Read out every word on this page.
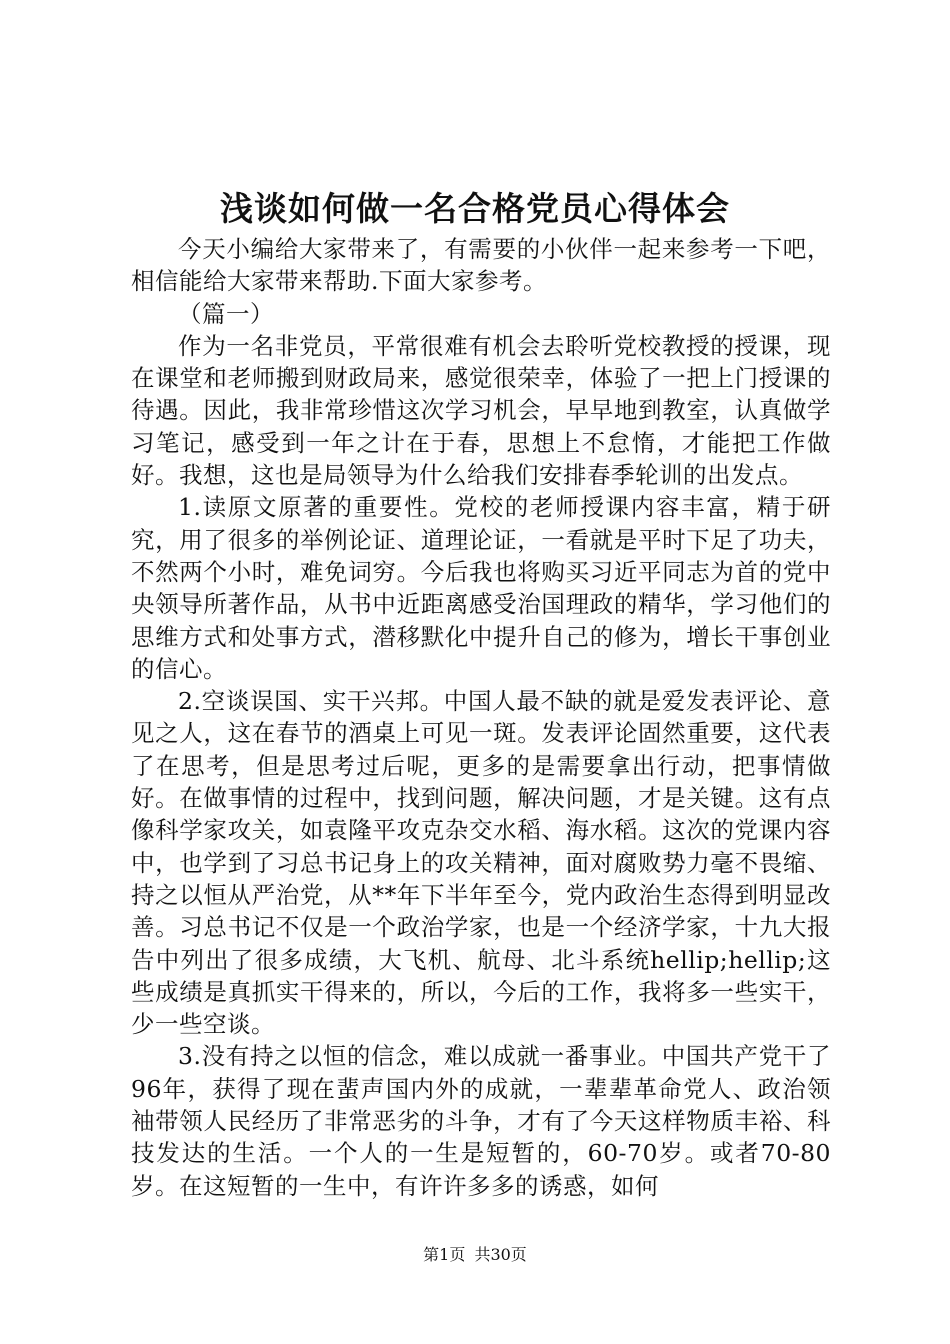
浅谈如何做一名合格党员心得体会

今天小编给大家带来了，有需要的小伙伴一起来参考一下吧，相信能给大家带来帮助.下面大家参考。

（篇一）

作为一名非党员，平常很难有机会去聆听党校教授的授课，现在课堂和老师搬到财政局来，感觉很荣幸，体验了一把上门授课的待遇。因此，我非常珍惜这次学习机会，早早地到教室，认真做学习笔记，感受到一年之计在于春，思想上不怠惰，才能把工作做好。我想，这也是局领导为什么给我们安排春季轮训的出发点。

1.读原文原著的重要性。党校的老师授课内容丰富，精于研究，用了很多的举例论证、道理论证，一看就是平时下足了功夫，不然两个小时，难免词穷。今后我也将购买习近平同志为首的党中央领导所著作品，从书中近距离感受治国理政的精华，学习他们的思维方式和处事方式，潜移默化中提升自己的修为，增长干事创业的信心。

2.空谈误国、实干兴邦。中国人最不缺的就是爱发表评论、意见之人，这在春节的酒桌上可见一斑。发表评论固然重要，这代表了在思考，但是思考过后呢，更多的是需要拿出行动，把事情做好。在做事情的过程中，找到问题，解决问题，才是关键。这有点像科学家攻关，如袁隆平攻克杂交水稻、海水稻。这次的党课内容中，也学到了习总书记身上的攻关精神，面对腐败势力毫不畏缩、持之以恒从严治党，从**年下半年至今，党内政治生态得到明显改善。习总书记不仅是一个政治学家，也是一个经济学家，十九大报告中列出了很多成绩，大飞机、航母、北斗系统hellip;hellip;这些成绩是真抓实干得来的，所以，今后的工作，我将多一些实干，少一些空谈。

3.没有持之以恒的信念，难以成就一番事业。中国共产党干了96年，获得了现在蜚声国内外的成就，一辈辈革命党人、政治领袖带领人民经历了非常恶劣的斗争，才有了今天这样物质丰裕、科技发达的生活。一个人的一生是短暂的，60-70岁。或者70-80岁。在这短暂的一生中，有许许多多的诱惑，如何

第1页 共30页
